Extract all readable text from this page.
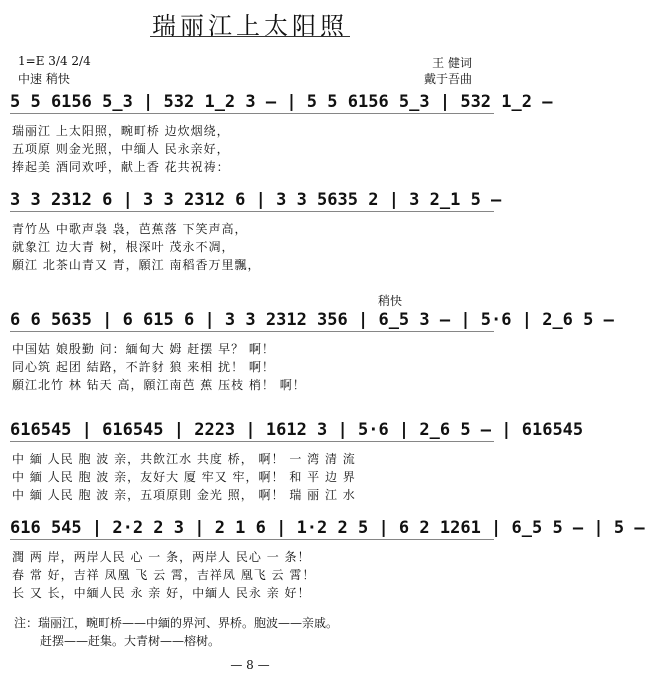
瑞丽江上太阳照
1=E 3/4 2/4
中速 稍快
王 健词
戴于吾曲
5 5 6156 5̲3 | 532 1̲2 3 — | 5 5 6156 5̲3 | 532 1̲2 —
瑞丽江 上太阳照，畹町桥 边炊烟绕，
五项原 则金光照，中缅人 民永亲好，
捧起美 酒同欢呼，献上香 花共祝祷：
3 3 2312 6 | 3 3 2312 6 | 3 3 5635 2 | 3 2̲1 5 —
青竹丛 中歌声袅 袅，芭蕉落 下笑声高，
就象江 边大青 树，根深叶 茂永不凋，
願江 北茶山青又 青，願江 南稻香万里飄，
稍快
6 6 5635 | 6 615 6 | 3 3 2312 356 | 6̲5 3 — | 5·6 | 2̲6 5 —
中国姑 娘殷勤 问：緬甸大 姆 赶摆 早？ 啊！
同心筑 起团 結路，不許豺 狼 来相 扰！ 啊！
願江北竹 林 钻天 高，願江南芭 蕉 压枝 梢！ 啊！
616545 | 616545 | 2223 | 1612 3 | 5·6 | 2̲6 5 — | 616545
中 緬 人民 胞 波 亲，共飲江水 共度 桥， 啊！ 一 湾 清 流
中 緬 人民 胞 波 亲，友好大 厦 牢又 牢，啊！ 和 平 边 界
中 緬 人民 胞 波 亲，五項原則 金光 照， 啊！ 瑞 丽 江 水
616 545 | 2·2 2 3 | 2 1 6 | 1·2 2 5 | 6 2 1261 | 6̲5 5 — | 5 —
潤 两 岸，两岸人民 心 一 条，两岸人 民心 一 条！
春 常 好，吉祥 凤凰 飞 云 霄，吉祥凤 凰飞 云 霄！
长 又 长，中緬人民 永 亲 好，中緬人 民永 亲 好！
注：瑞丽江，畹町桥——中緬的界河、界桥。胞波——亲戚。
赶摆——赶集。大青树——榕树。
— 8 —
